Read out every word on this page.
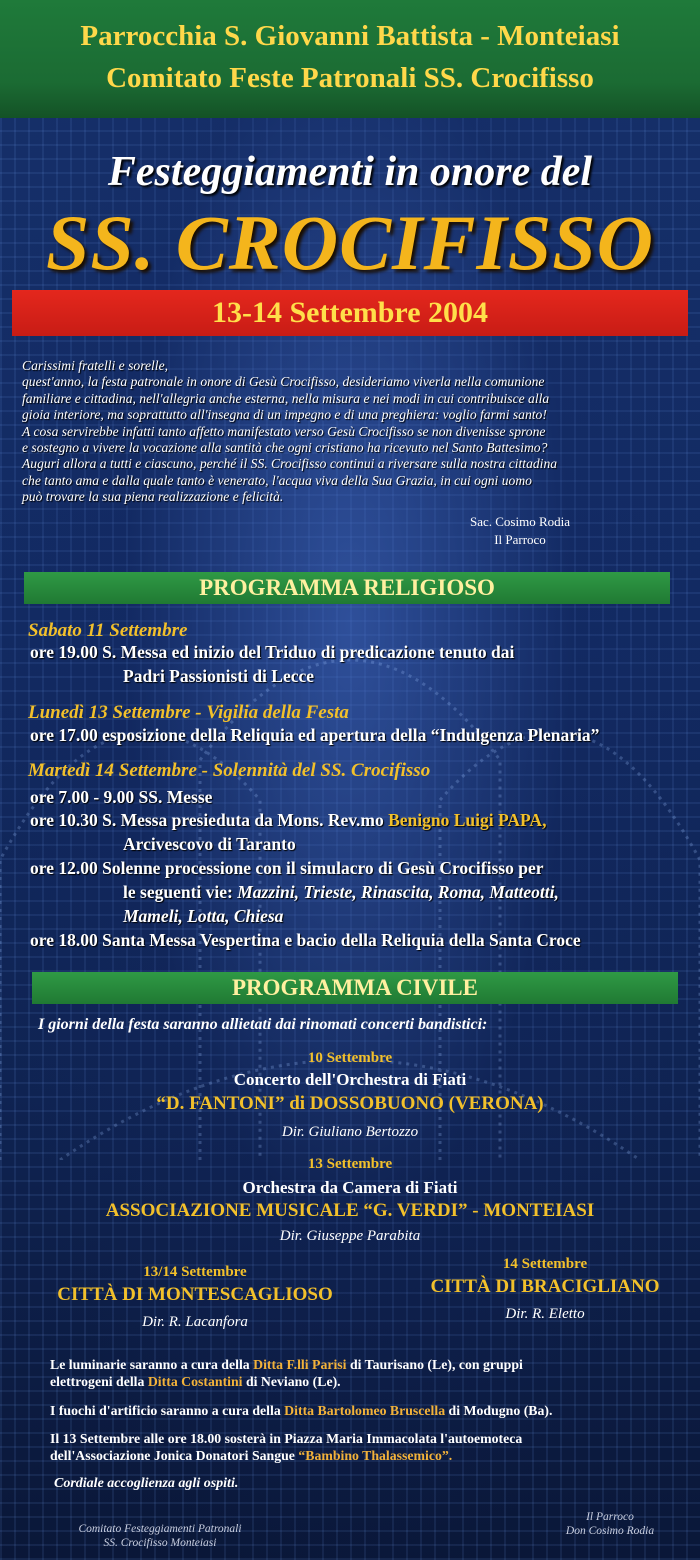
Parrocchia S. Giovanni Battista - Monteiasi
Comitato Feste Patronali SS. Crocifisso
Festeggiamenti in onore del
SS. CROCIFISSO
13-14 Settembre 2004

Carissimi fratelli e sorelle,

quest'anno, la festa patronale in onore di Gesù Crocifisso, desideriamo viverla nella comunione

familiare e cittadina, nell'allegria anche esterna, nella misura e nei modi in cui contribuisce alla

gioia interiore, ma soprattutto all'insegna di un impegno e di una preghiera: voglio farmi santo!

A cosa servirebbe infatti tanto affetto manifestato verso Gesù Crocifisso se non divenisse sprone

e sostegno a vivere la vocazione alla santità che ogni cristiano ha ricevuto nel Santo Battesimo?

Auguri allora a tutti e ciascuno, perché il SS. Crocifisso continui a riversare sulla nostra cittadina

che tanto ama e dalla quale tanto è venerato, l'acqua viva della Sua Grazia, in cui ogni uomo

può trovare la sua piena realizzazione e felicità.

Sac. Cosimo Rodia
Il Parroco
PROGRAMMA RELIGIOSO
Sabato 11 Settembre
ore 19.00 S. Messa ed inizio del Triduo di predicazione tenuto dai
Padri Passionisti di Lecce
Lunedì 13 Settembre - Vigilia della Festa
ore 17.00 esposizione della Reliquia ed apertura della “Indulgenza Plenaria”
Martedì 14 Settembre - Solennità del SS. Crocifisso
ore 7.00 - 9.00 SS. Messe
ore 10.30 S. Messa presieduta da Mons. Rev.mo Benigno Luigi PAPA,
Arcivescovo di Taranto
ore 12.00 Solenne processione con il simulacro di Gesù Crocifisso per
le seguenti vie: Mazzini, Trieste, Rinascita, Roma, Matteotti,
Mameli, Lotta, Chiesa
ore 18.00 Santa Messa Vespertina e bacio della Reliquia della Santa Croce
PROGRAMMA CIVILE
I giorni della festa saranno allietati dai rinomati concerti bandistici:
10 Settembre
Concerto dell'Orchestra di Fiati
“D. FANTONI” di DOSSOBUONO (VERONA)
Dir. Giuliano Bertozzo
13 Settembre
Orchestra da Camera di Fiati
ASSOCIAZIONE MUSICALE “G. VERDI” - MONTEIASI
Dir. Giuseppe Parabita
13/14 Settembre
CITTÀ DI MONTESCAGLIOSO
Dir. R. Lacanfora
14 Settembre
CITTÀ DI BRACIGLIANO
Dir. R. Eletto
Le luminarie saranno a cura della Ditta F.lli Parisi di Taurisano (Le), con gruppi
elettrogeni della Ditta Costantini di Neviano (Le).
I fuochi d'artificio saranno a cura della Ditta Bartolomeo Bruscella di Modugno (Ba).
Il 13 Settembre alle ore 18.00 sosterà in Piazza Maria Immacolata l'autoemoteca
dell'Associazione Jonica Donatori Sangue “Bambino Thalassemico”.
Cordiale accoglienza agli ospiti.
Comitato Festeggiamenti Patronali
SS. Crocifisso Monteiasi
Il Parroco
Don Cosimo Rodia
